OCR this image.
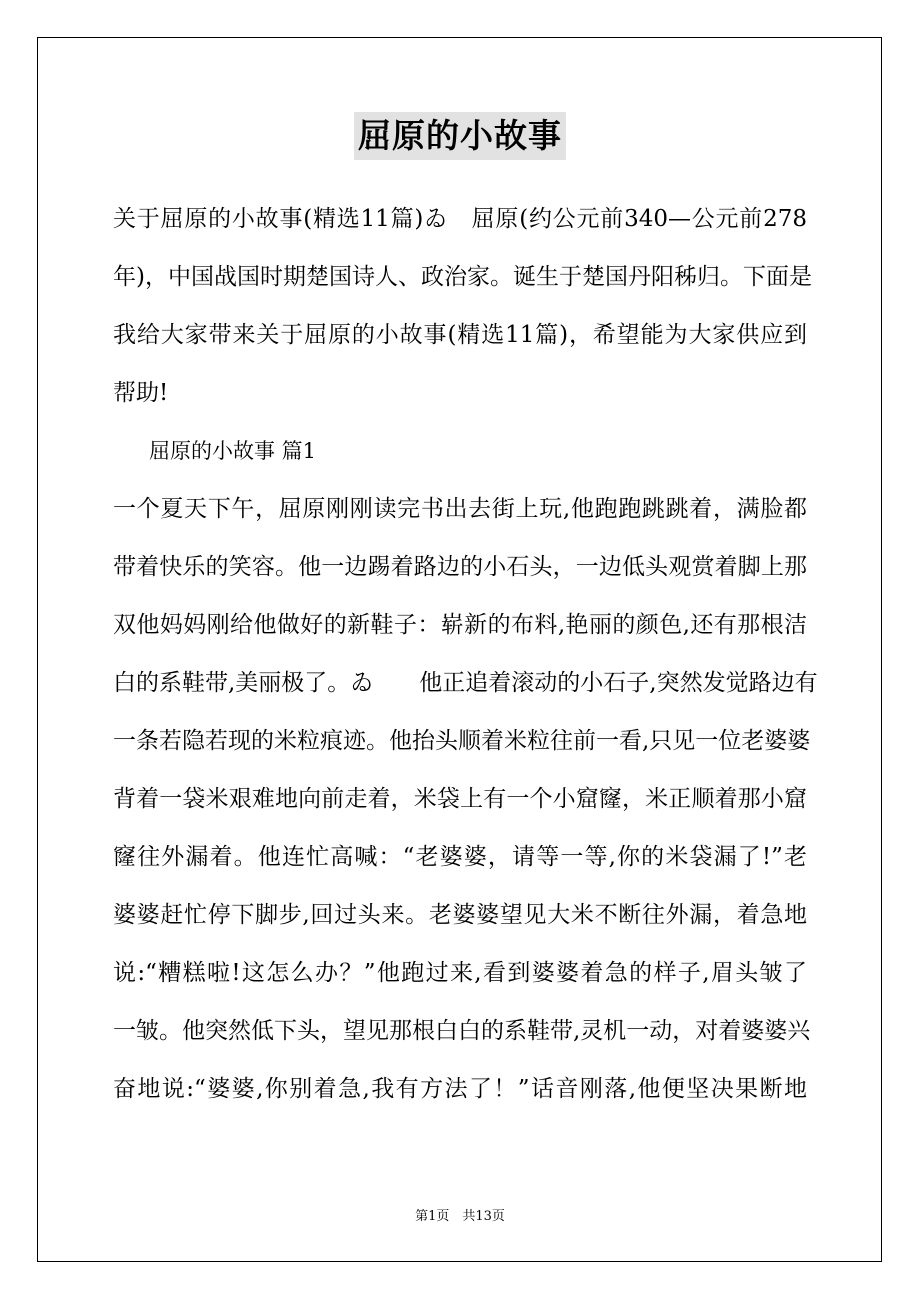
屈原的小故事
关于屈原的小故事(精选11篇)ゐ　屈原(约公元前340—公元前278
年)，中国战国时期楚国诗人、政治家。诞生于楚国丹阳秭归。下面是
我给大家带来关于屈原的小故事(精选11篇)，希望能为大家供应到
帮助!
屈原的小故事 篇1
一个夏天下午，屈原刚刚读完书出去街上玩,他跑跑跳跳着，满脸都
带着快乐的笑容。他一边踢着路边的小石头，一边低头观赏着脚上那
双他妈妈刚给他做好的新鞋子：崭新的布料,艳丽的颜色,还有那根洁
白的系鞋带,美丽极了。ゐ　　他正追着滚动的小石子,突然发觉路边有
一条若隐若现的米粒痕迹。他抬头顺着米粒往前一看,只见一位老婆婆
背着一袋米艰难地向前走着，米袋上有一个小窟窿，米正顺着那小窟
窿往外漏着。他连忙高喊：“老婆婆，请等一等,你的米袋漏了!”老
婆婆赶忙停下脚步,回过头来。老婆婆望见大米不断往外漏，着急地
说:“糟糕啦!这怎么办？”他跑过来,看到婆婆着急的样子,眉头皱了
一皱。他突然低下头，望见那根白白的系鞋带,灵机一动，对着婆婆兴
奋地说:“婆婆,你别着急,我有方法了！”话音刚落,他便坚决果断地
第1页　共13页
